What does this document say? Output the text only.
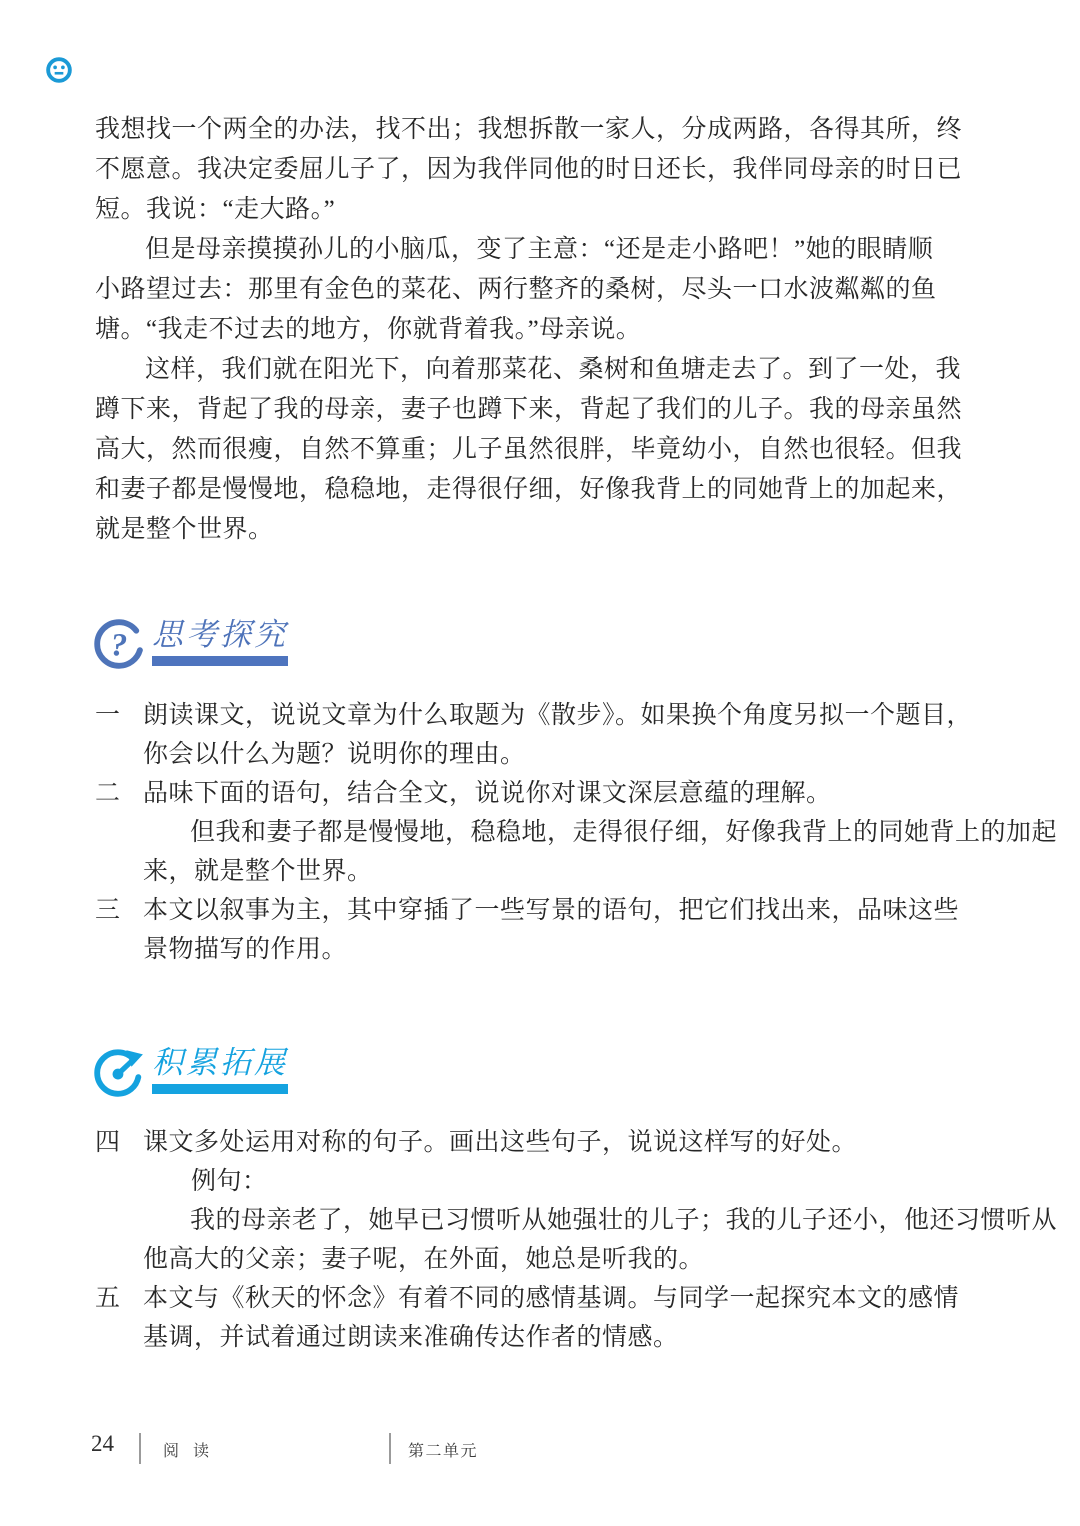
我想找一个两全的办法，找不出；我想拆散一家人，分成两路，各得其所，终
不愿意。我决定委屈儿子了，因为我伴同他的时日还长，我伴同母亲的时日已
短。我说：“走大路。”
但是母亲摸摸孙儿的小脑瓜，变了主意：“还是走小路吧！”她的眼睛顺
小路望过去：那里有金色的菜花、两行整齐的桑树，尽头一口水波粼粼的鱼
塘。“我走不过去的地方，你就背着我。”母亲说。
这样，我们就在阳光下，向着那菜花、桑树和鱼塘走去了。到了一处，我
蹲下来，背起了我的母亲，妻子也蹲下来，背起了我们的儿子。我的母亲虽然
高大，然而很瘦，自然不算重；儿子虽然很胖，毕竟幼小，自然也很轻。但我
和妻子都是慢慢地，稳稳地，走得很仔细，好像我背上的同她背上的加起来，
就是整个世界。
? 思考探究
一 朗读课文，说说文章为什么取题为《散步》。如果换个角度另拟一个题目，
你会以什么为题？说明你的理由。
二 品味下面的语句，结合全文，说说你对课文深层意蕴的理解。
但我和妻子都是慢慢地，稳稳地，走得很仔细，好像我背上的同她背上的加起
来，就是整个世界。
三 本文以叙事为主，其中穿插了一些写景的语句，把它们找出来，品味这些
景物描写的作用。
积累拓展
四 课文多处运用对称的句子。画出这些句子，说说这样写的好处。
例句：
我的母亲老了，她早已习惯听从她强壮的儿子；我的儿子还小，他还习惯听从
他高大的父亲；妻子呢，在外面，她总是听我的。
五 本文与《秋天的怀念》有着不同的感情基调。与同学一起探究本文的感情
基调，并试着通过朗读来准确传达作者的情感。
24	阅 读	第二单元
